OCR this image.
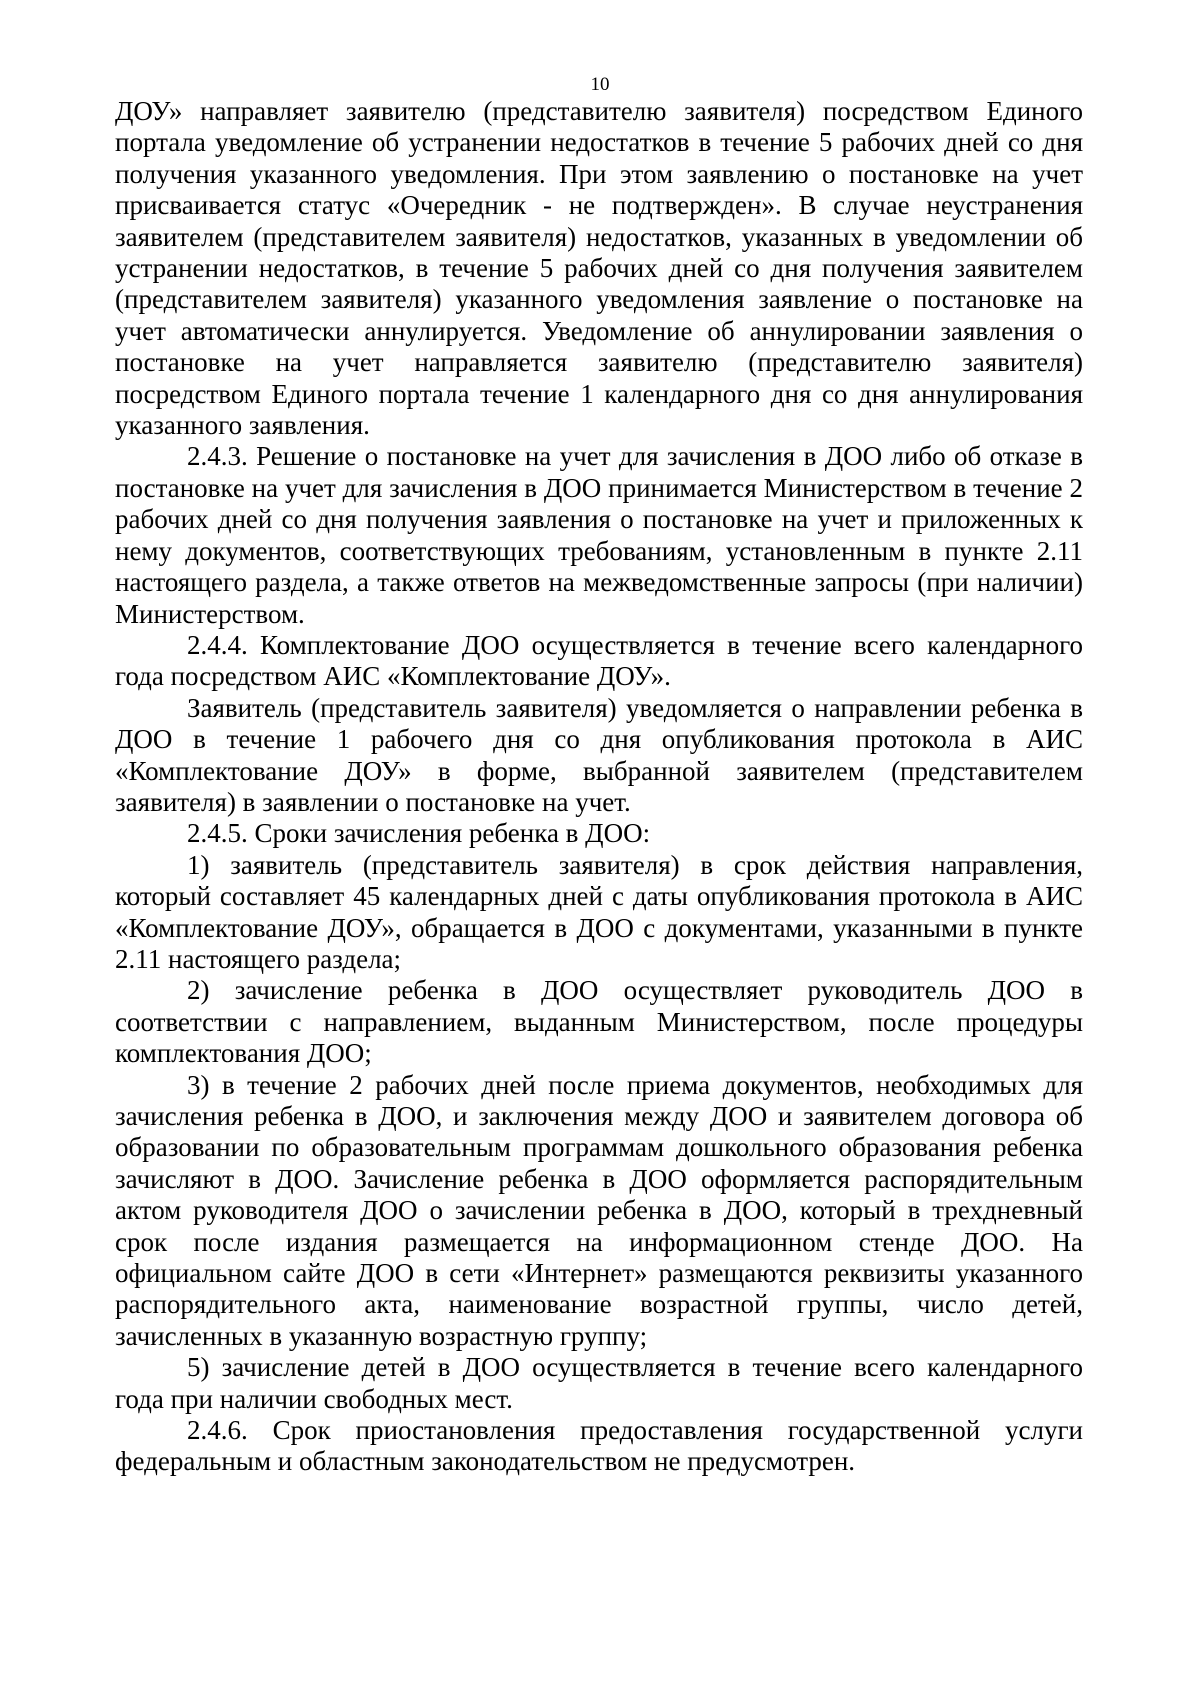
10

ДОУ» направляет заявителю (представителю заявителя) посредством Единого портала уведомление об устранении недостатков в течение 5 рабочих дней со дня получения указанного уведомления. При этом заявлению о постановке на учет присваивается статус «Очередник - не подтвержден». В случае неустранения заявителем (представителем заявителя) недостатков, указанных в уведомлении об устранении недостатков, в течение 5 рабочих дней со дня получения заявителем (представителем заявителя) указанного уведомления заявление о постановке на учет автоматически аннулируется. Уведомление об аннулировании заявления о постановке на учет направляется заявителю (представителю заявителя) посредством Единого портала течение 1 календарного дня со дня аннулирования указанного заявления.

2.4.3. Решение о постановке на учет для зачисления в ДОО либо об отказе в постановке на учет для зачисления в ДОО принимается Министерством в течение 2 рабочих дней со дня получения заявления о постановке на учет и приложенных к нему документов, соответствующих требованиям, установленным в пункте 2.11 настоящего раздела, а также ответов на межведомственные запросы (при наличии) Министерством.

2.4.4. Комплектование ДОО осуществляется в течение всего календарного года посредством АИС «Комплектование ДОУ».

Заявитель (представитель заявителя) уведомляется о направлении ребенка в ДОО в течение 1 рабочего дня со дня опубликования протокола в АИС «Комплектование ДОУ» в форме, выбранной заявителем (представителем заявителя) в заявлении о постановке на учет.

2.4.5. Сроки зачисления ребенка в ДОО:

1) заявитель (представитель заявителя) в срок действия направления, который составляет 45 календарных дней с даты опубликования протокола в АИС «Комплектование ДОУ», обращается в ДОО с документами, указанными в пункте 2.11 настоящего раздела;

2) зачисление ребенка в ДОО осуществляет руководитель ДОО в соответствии с направлением, выданным Министерством, после процедуры комплектования ДОО;

3) в течение 2 рабочих дней после приема документов, необходимых для зачисления ребенка в ДОО, и заключения между ДОО и заявителем договора об образовании по образовательным программам дошкольного образования ребенка зачисляют в ДОО. Зачисление ребенка в ДОО оформляется распорядительным актом руководителя ДОО о зачислении ребенка в ДОО, который в трехдневный срок после издания размещается на информационном стенде ДОО. На официальном сайте ДОО в сети «Интернет» размещаются реквизиты указанного распорядительного акта, наименование возрастной группы, число детей, зачисленных в указанную возрастную группу;

5) зачисление детей в ДОО осуществляется в течение всего календарного года при наличии свободных мест.

2.4.6. Срок приостановления предоставления государственной услуги федеральным и областным законодательством не предусмотрен.
